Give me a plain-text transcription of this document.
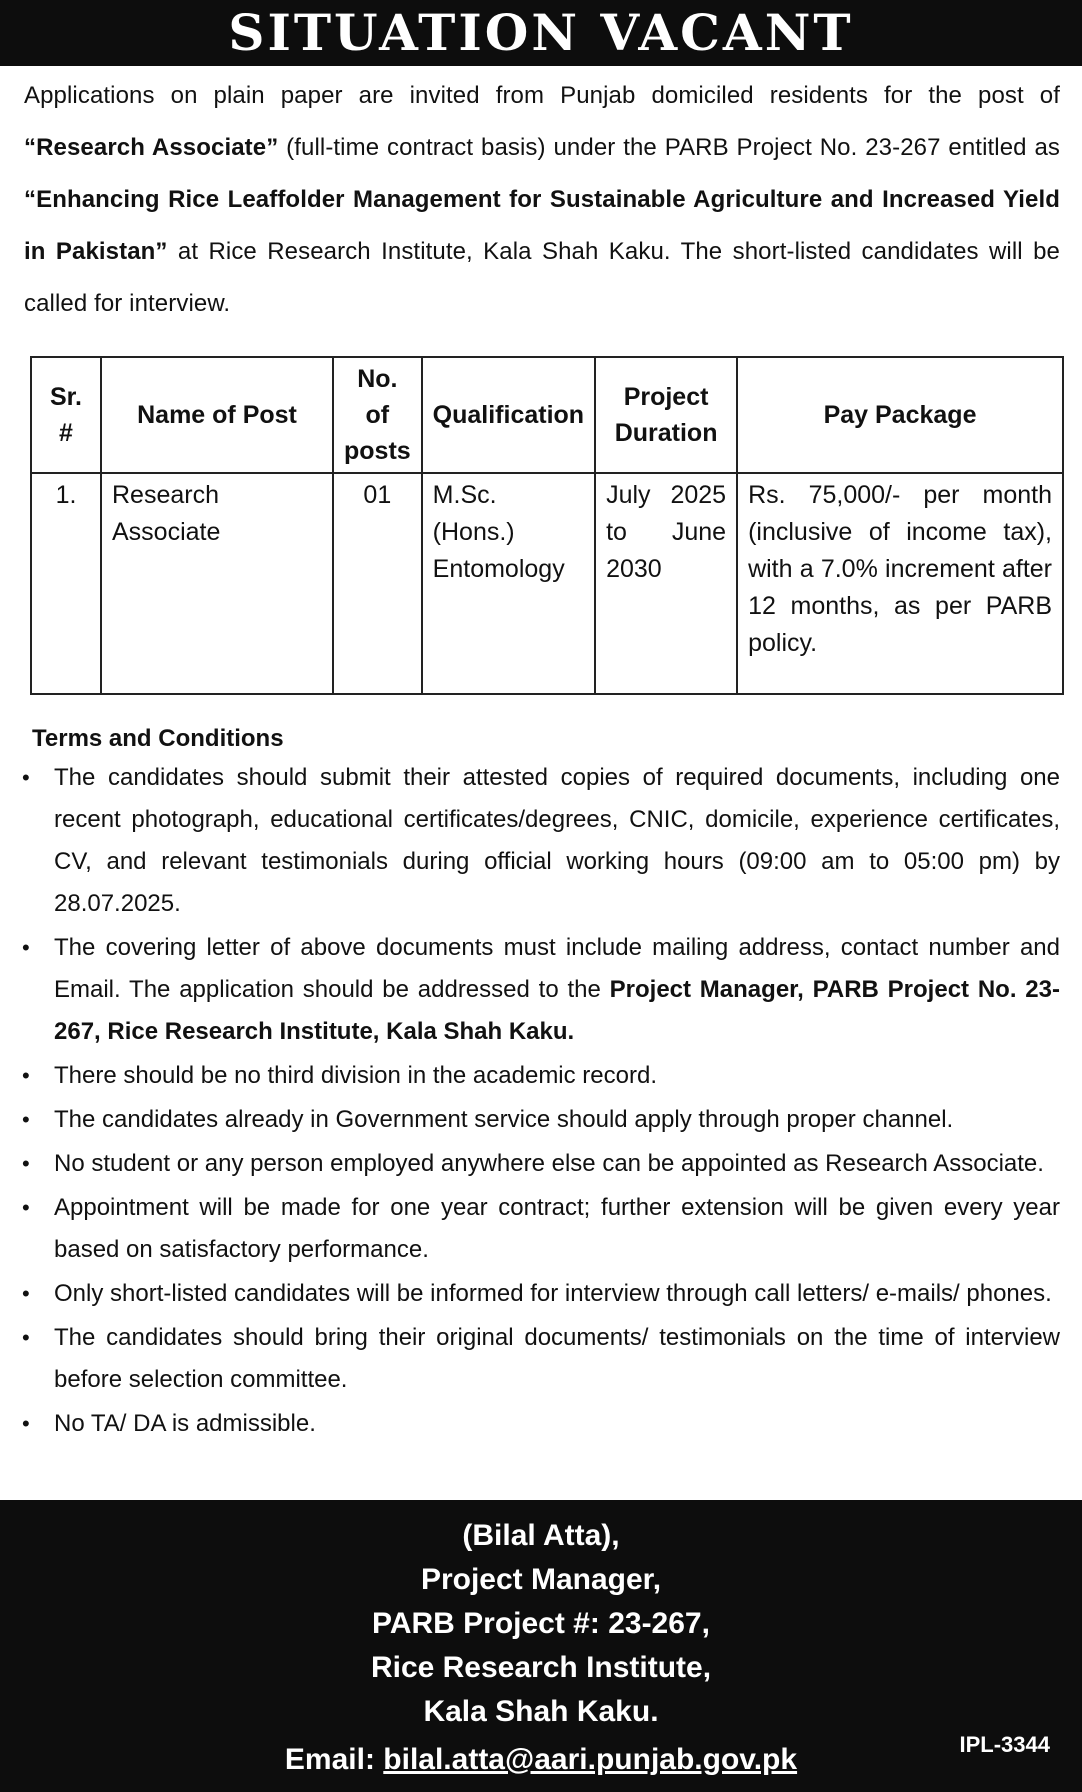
SITUATION VACANT
Applications on plain paper are invited from Punjab domiciled residents for the post of “Research Associate” (full-time contract basis) under the PARB Project No. 23-267 entitled as “Enhancing Rice Leaffolder Management for Sustainable Agriculture and Increased Yield in Pakistan” at Rice Research Institute, Kala Shah Kaku. The short-listed candidates will be called for interview.
Sr. #	Name of Post	No. of posts	Qualification	Project Duration	Pay Package
1.	Research Associate	01	M.Sc. (Hons.) Entomology	July 2025 to June 2030	Rs. 75,000/- per month (inclusive of income tax), with a 7.0% increment after 12 months, as per PARB policy.
Terms and Conditions
• The candidates should submit their attested copies of required documents, including one recent photograph, educational certificates/degrees, CNIC, domicile, experience certificates, CV, and relevant testimonials during official working hours (09:00 am to 05:00 pm) by 28.07.2025.
• The covering letter of above documents must include mailing address, contact number and Email. The application should be addressed to the Project Manager, PARB Project No. 23-267, Rice Research Institute, Kala Shah Kaku.
• There should be no third division in the academic record.
• The candidates already in Government service should apply through proper channel.
• No student or any person employed anywhere else can be appointed as Research Associate.
• Appointment will be made for one year contract; further extension will be given every year based on satisfactory performance.
• Only short-listed candidates will be informed for interview through call letters/ e-mails/ phones.
• The candidates should bring their original documents/ testimonials on the time of interview before selection committee.
• No TA/ DA is admissible.
(Bilal Atta),
Project Manager,
PARB Project #: 23-267,
Rice Research Institute,
Kala Shah Kaku.
Email: bilal.atta@aari.punjab.gov.pk	IPL-3344
